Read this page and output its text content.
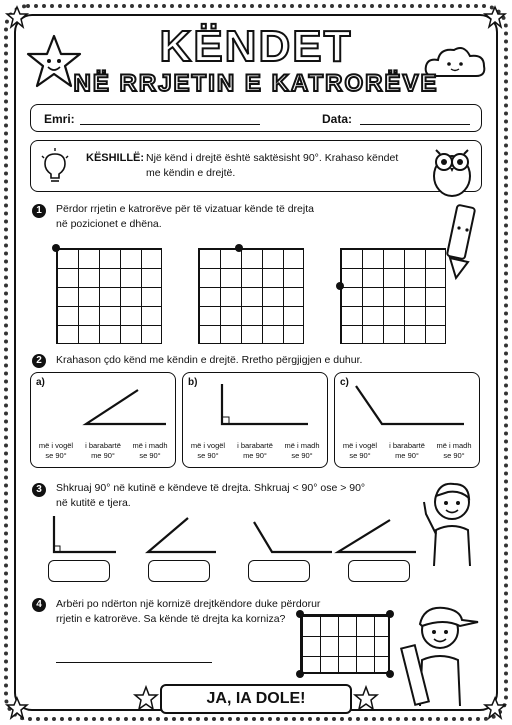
KËNDET
NË RRJETIN E KATRORËVE
Emri:	Data:
KËSHILLË: Një kënd i drejtë është saktësisht 90°. Krahaso këndet
me këndin e drejtë.
1	Përdor rrjetin e katrorëve për të vizatuar kënde të drejta
në pozicionet e dhëna.
2	Krahason çdo kënd me këndin e drejtë. Rretho përgjigjen e duhur.
a)	b)	c)
më i vogël
se 90°
i barabartë
me 90°
më i madh
se 90°
më i vogël
se 90°
i barabartë
me 90°
më i madh
se 90°
më i vogël
se 90°
i barabartë
me 90°
më i madh
se 90°
3	Shkruaj 90° në kutinë e këndeve të drejta. Shkruaj < 90° ose > 90°
në kutitë e tjera.
4	Arbëri po ndërton një kornizë drejtkëndore duke përdorur
rrjetin e katrorëve. Sa kënde të drejta ka korniza?
JA, IA DOLE!
